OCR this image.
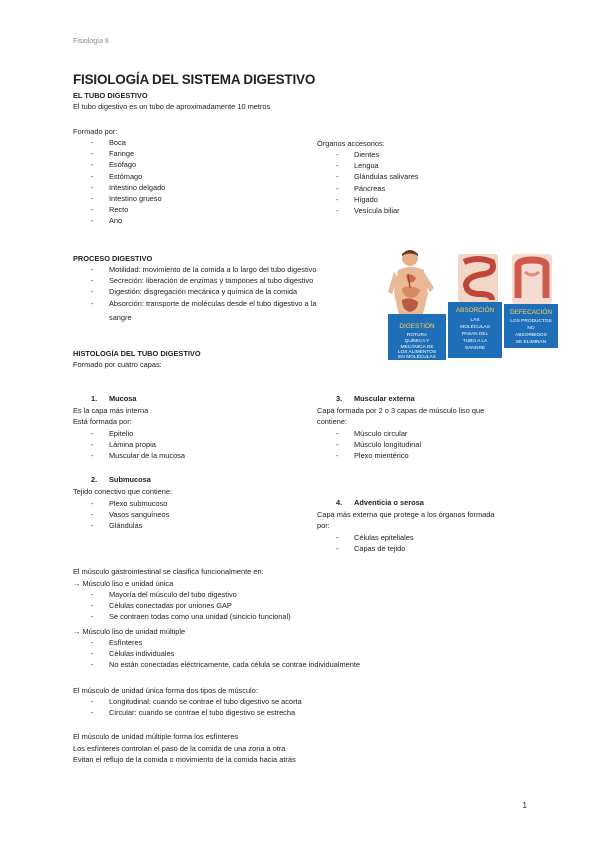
Fisiología 8
FISIOLOGÍA DEL SISTEMA DIGESTIVO
EL TUBO DIGESTIVO
El tubo digestivo es un tubo de aproximadamente 10 metros
Formado por:
- Boca
- Faringe
- Esófago
- Estómago
- Intestino delgado
- Intestino grueso
- Recto
- Ano
Órganos accesorios:
- Dientes
- Lengua
- Glándulas salivares
- Páncreas
- Hígado
- Vesícula biliar
PROCESO DIGESTIVO
- Motilidad: movimiento de la comida a lo largo del tubo digestivo
- Secreción: liberación de enzimas y tampones al tubo digestivo
- Digestión: disgregación mecánica y química de la comida
- Absorción: transporte de moléculas desde el tubo digestivo a la
sangre
DIGESTIÓN
ROTURA
QUÍMICA Y
MECÁNICA DE
LOS ALIMENTOS
EN MOLÉCULAS
ABSORCIÓN
LAS
MOLÉCULAS
PASAN DEL
TUBO A LA
SANGRE
DEFECACIÓN
LOS PRODUCTOS
NO
ABSORBIDOS
SE ELIMINAN
HISTOLOGÍA DEL TUBO DIGESTIVO
Formado por cuatro capas:
1. Mucosa
Es la capa más interna
Está formada por:
- Epitelio
- Lámina propia
- Muscular de la mucosa
2. Submucosa
Tejido conectivo que contiene:
- Plexo submucoso
- Vasos sanguíneos
- Glándulas
3. Muscular externa
Capa formada por 2 o 3 capas de músculo liso que
contiene:
- Músculo circular
- Músculo longitudinal
- Plexo mientérico
4. Adventicia o serosa
Capa más externa que protege a los órganos formada
por:
- Células epiteliales
- Capas de tejido
El músculo gastrointestinal se clasifica funcionalmente en:
→ Músculo liso e unidad única
- Mayoría del músculo del tubo digestivo
- Células conectadas por uniones GAP
- Se contraen todas como una unidad (sincicio funcional)
→ Músculo liso de unidad múltiple
- Esfínteres
- Células individuales
- No están conectadas eléctricamente, cada célula se contrae individualmente
El músculo de unidad única forma dos tipos de músculo:
- Longitudinal: cuando se contrae el tubo digestivo se acorta
- Circular: cuando se contrae el tubo digestivo se estrecha
El músculo de unidad múltiple forma los esfínteres
Los esfínteres controlan el paso de la comida de una zona a otra
Evitan el reflujo de la comida o movimiento de la comida hacia atrás
1
